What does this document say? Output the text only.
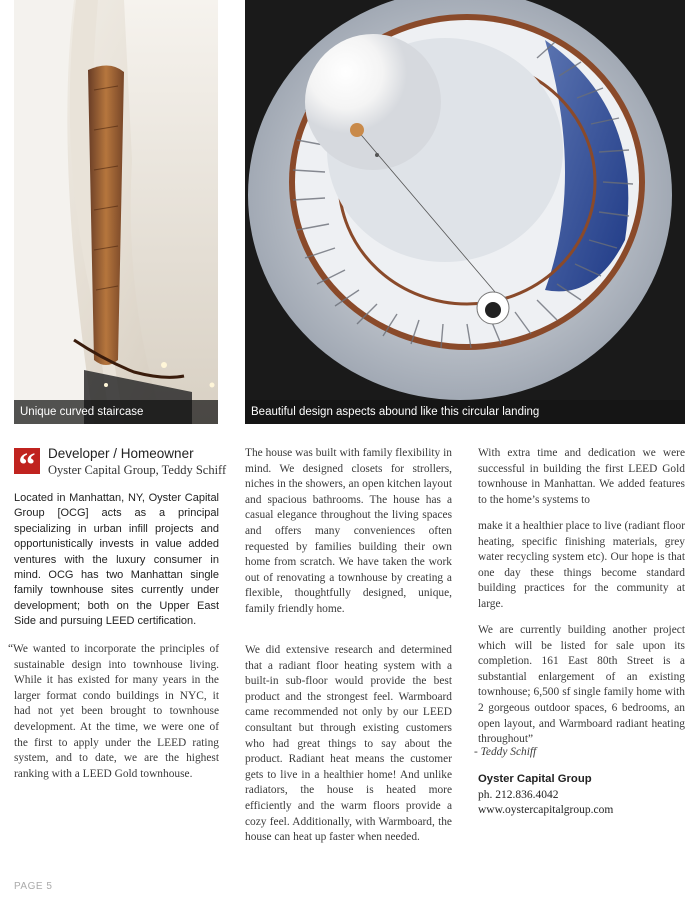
Unique curved staircase	Beautiful design aspects abound like this circular landing
“ Developer / Homeowner
Oyster Capital Group, Teddy Schiff

Located in Manhattan, NY, Oyster Capital Group [OCG] acts as a principal specializing in urban infill projects and opportunistically invests in value added ventures with the luxury consumer in mind. OCG has two Manhattan single family townhouse sites currently under development; both on the Upper East Side and pursuing LEED certification.

“We wanted to incorporate the principles of sustainable design into townhouse living. While it has existed for many years in the larger format condo buildings in NYC, it had not yet been brought to townhouse development. At the time, we were one of the first to apply under the LEED rating system, and to date, we are the highest ranking with a LEED Gold townhouse.

The house was built with family flexibility in mind. We designed closets for strollers, niches in the showers, an open kitchen layout and spacious bathrooms. The house has a casual elegance throughout the living spaces and offers many conveniences often requested by families building their own home from scratch. We have taken the work out of renovating a townhouse by creating a flexible, thoughtfully designed, unique, family friendly home.

We did extensive research and determined that a radiant floor heating system with a built-in sub-floor would provide the best product and the strongest feel. Warmboard came recommended not only by our LEED consultant but through existing customers who had great things to say about the product. Radiant heat means the customer gets to live in a healthier home! And unlike radiators, the house is heated more efficiently and the warm floors provide a cozy feel. Additionally, with Warmboard, the house can heat up faster when needed.

With extra time and dedication we were successful in building the first LEED Gold townhouse in Manhattan. We added features to the home’s systems to

make it a healthier place to live (radiant floor heating, specific finishing materials, grey water recycling system etc). Our hope is that one day these things become standard building practices for the community at large.

We are currently building another project which will be listed for sale upon its completion. 161 East 80th Street is a substantial enlargement of an existing townhouse; 6,500 sf single family home with 2 gorgeous outdoor spaces, 6 bedrooms, an open layout, and Warmboard radiant heating throughout”

- Teddy Schiff
Oyster Capital Group
ph. 212.836.4042
www.oystercapitalgroup.com
PAGE 5
